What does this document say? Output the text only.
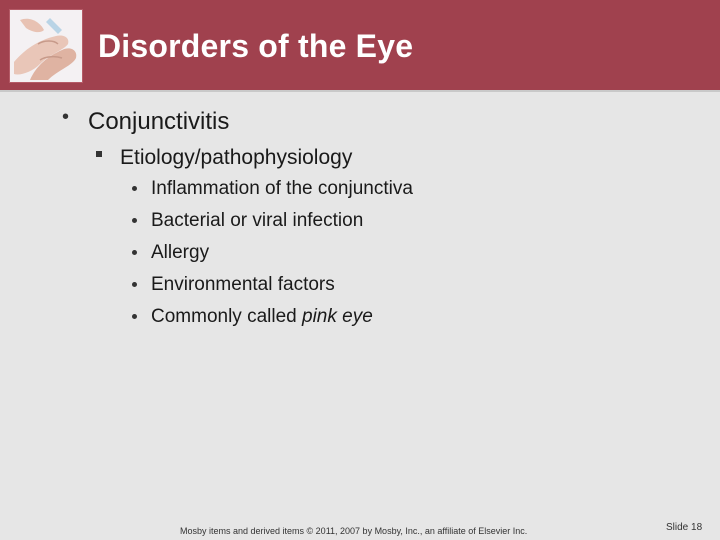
Disorders of the Eye
• Conjunctivitis
Etiology/pathophysiology
Inflammation of the conjunctiva
Bacterial or viral infection
Allergy
Environmental factors
Commonly called pink eye
Mosby items and derived items © 2011, 2007 by Mosby, Inc., an affiliate of Elsevier Inc.	Slide 18
